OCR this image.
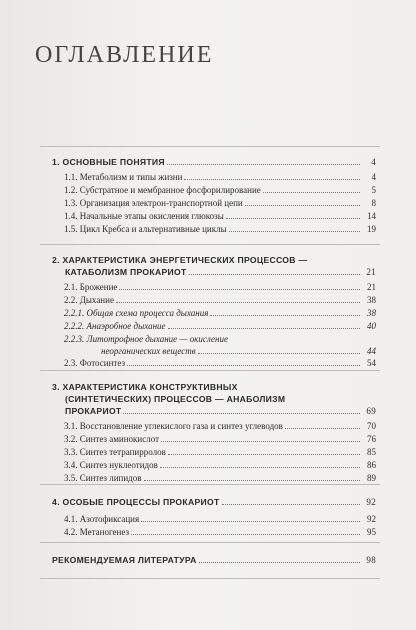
ОГЛАВЛЕНИЕ
1. ОСНОВНЫЕ ПОНЯТИЯ	4
1.1. Метаболизм и типы жизни	4
1.2. Субстратное и мембранное фосфорилирование	5
1.3. Организация электрон-транспортной цепи	8
1.4. Начальные этапы окисления глюкозы	14
1.5. Цикл Кребса и альтернативные циклы	19
2. ХАРАКТЕРИСТИКА ЭНЕРГЕТИЧЕСКИХ ПРОЦЕССОВ —
КАТАБОЛИЗМ ПРОКАРИОТ	21
2.1. Брожение	21
2.2. Дыхание	38
2.2.1. Общая схема процесса дыхания	38
2.2.2. Анаэробное дыхание	40
2.2.3. Литотрофное дыхание — окисление
неорганических веществ	44
2.3. Фотосинтез	54
3. ХАРАКТЕРИСТИКА КОНСТРУКТИВНЫХ
(СИНТЕТИЧЕСКИХ) ПРОЦЕССОВ — АНАБОЛИЗМ
ПРОКАРИОТ	69
3.1. Восстановление углекислого газа и синтез углеводов	70
3.2. Синтез аминокислот	76
3.3. Синтез тетрапирролов	85
3.4. Синтез нуклеотидов	86
3.5. Синтез липидов	89
4. ОСОБЫЕ ПРОЦЕССЫ ПРОКАРИОТ	92
4.1. Азотофиксация	92
4.2. Метаногенез	95
РЕКОМЕНДУЕМАЯ ЛИТЕРАТУРА	98
